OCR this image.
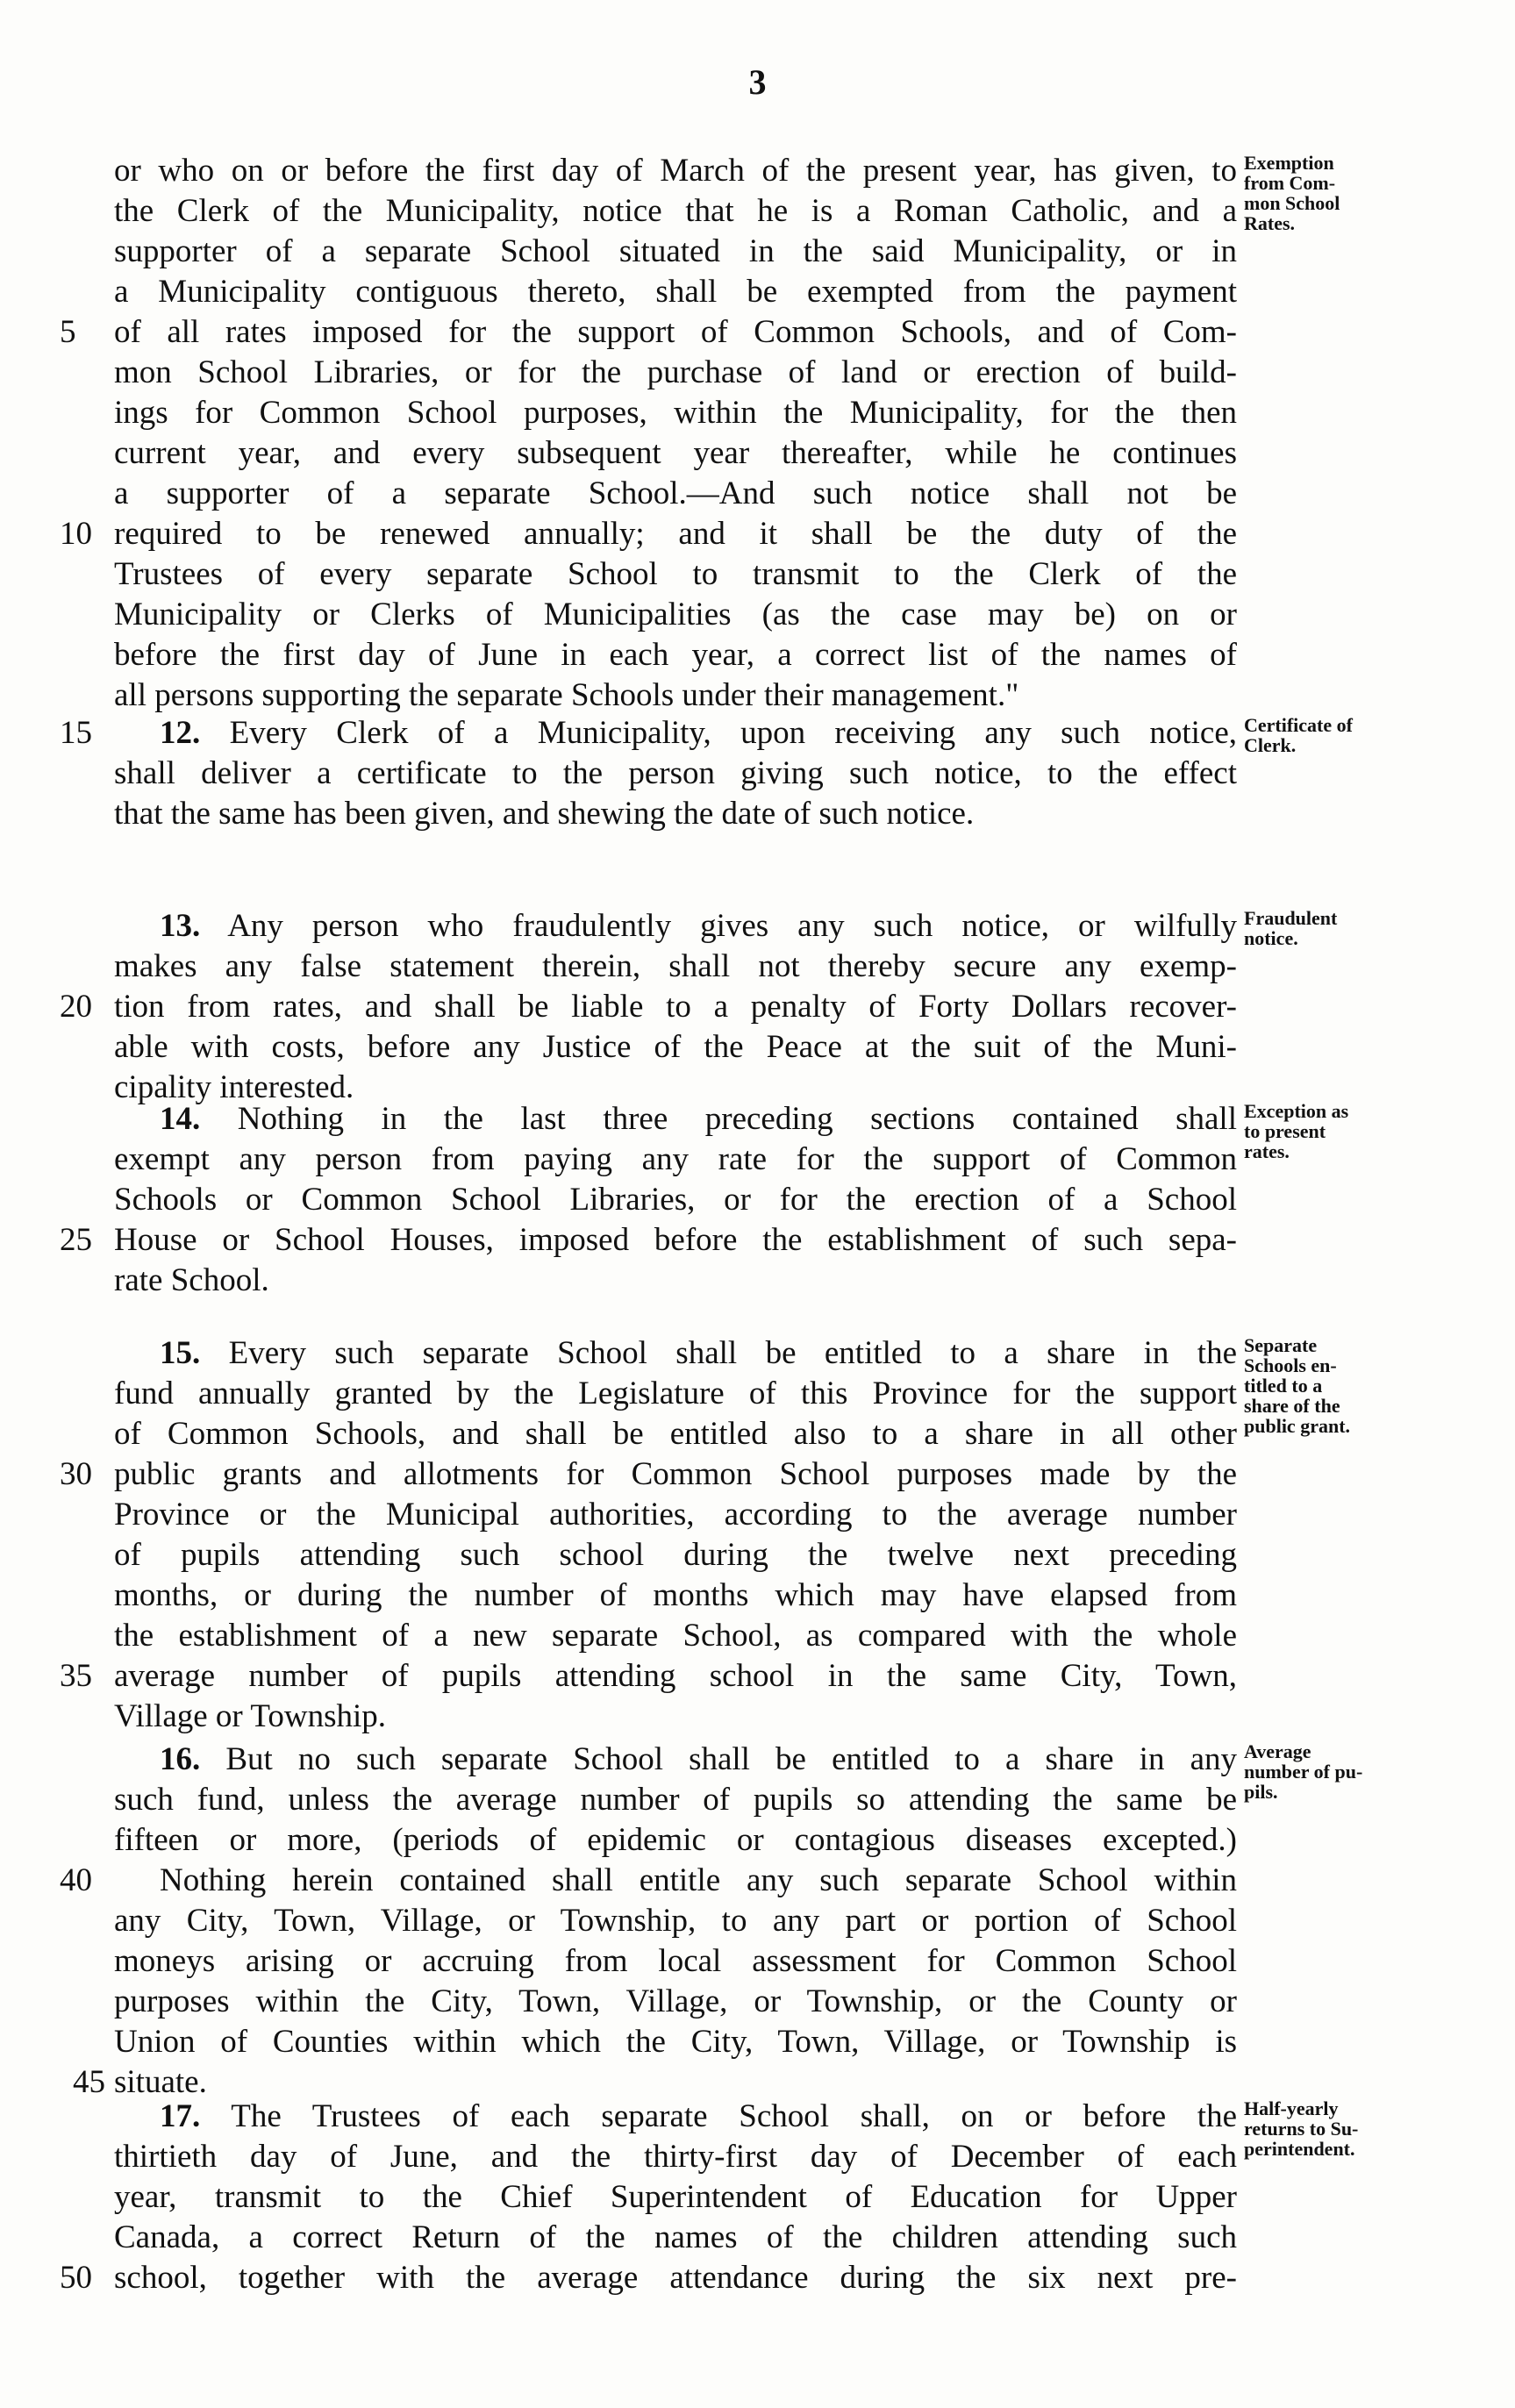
3
or who on or before the first day of March of the present year, has given, to
the Clerk of the Municipality, notice that he is a Roman Catholic, and a
supporter of a separate School situated in the said Municipality, or in
a Municipality contiguous thereto, shall be exempted from the payment
5	of all rates imposed for the support of Common Schools, and of Com-
mon School Libraries, or for the purchase of land or erection of build-
ings for Common School purposes, within the Municipality, for the then
current year, and every subsequent year thereafter, while he continues
a supporter of a separate School.—And such notice shall not be
10 required to be renewed annually; and it shall be the duty of the
Trustees of every separate School to transmit to the Clerk of the
Municipality or Clerks of Municipalities (as the case may be) on or
before the first day of June in each year, a correct list of the names of
all persons supporting the separate Schools under their management."
Exemption
from Com-
mon School
Rates.
15	12. Every Clerk of a Municipality, upon receiving any such notice,
shall deliver a certificate to the person giving such notice, to the effect
that the same has been given, and shewing the date of such notice.
Certificate of
Clerk.
13. Any person who fraudulently gives any such notice, or wilfully
makes any false statement therein, shall not thereby secure any exemp-
20 tion from rates, and shall be liable to a penalty of Forty Dollars recover-
able with costs, before any Justice of the Peace at the suit of the Muni-
cipality interested.
Fraudulent
notice.
14. Nothing in the last three preceding sections contained shall
exempt any person from paying any rate for the support of Common
Schools or Common School Libraries, or for the erection of a School
25 House or School Houses, imposed before the establishment of such sepa-
rate School.
Exception as
to present
rates.
15. Every such separate School shall be entitled to a share in the
fund annually granted by the Legislature of this Province for the support
of Common Schools, and shall be entitled also to a share in all other
30 public grants and allotments for Common School purposes made by the
Province or the Municipal authorities, according to the average number
of pupils attending such school during the twelve next preceding
months, or during the number of months which may have elapsed from
the establishment of a new separate School, as compared with the whole
35 average number of pupils attending school in the same City, Town,
Village or Township.
Separate
Schools en-
titled to a
share of the
public grant.
16. But no such separate School shall be entitled to a share in any
such fund, unless the average number of pupils so attending the same be
fifteen or more, (periods of epidemic or contagious diseases excepted.)
40	Nothing herein contained shall entitle any such separate School within
any City, Town, Village, or Township, to any part or portion of School
moneys arising or accruing from local assessment for Common School
purposes within the City, Town, Village, or Township, or the County or
Union of Counties within which the City, Town, Village, or Township is
45 situate.
Average
number of pu-
pils.
17. The Trustees of each separate School shall, on or before the
thirtieth day of June, and the thirty-first day of December of each
year, transmit to the Chief Superintendent of Education for Upper
Canada, a correct Return of the names of the children attending such
50 school, together with the average attendance during the six next pre-
Half-yearly
returns to Su-
perintendent.
